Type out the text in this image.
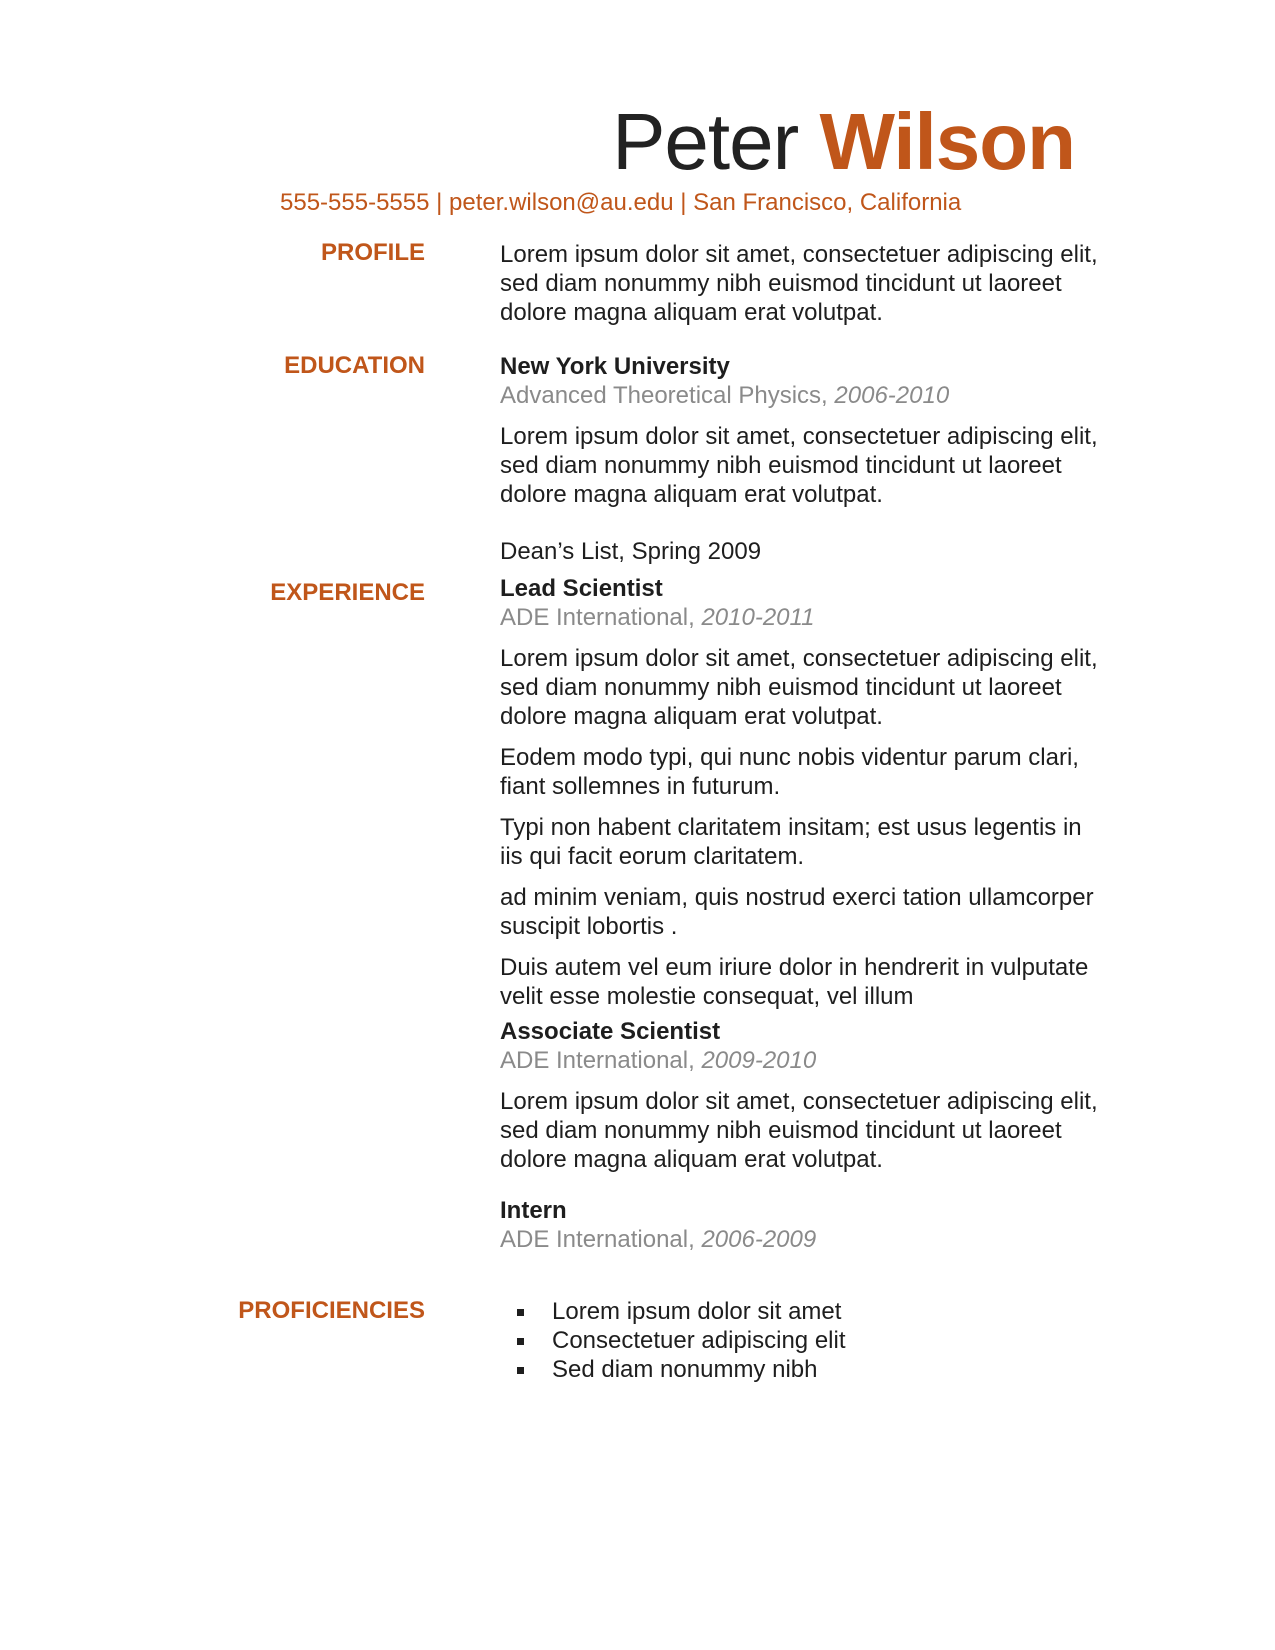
Peter Wilson
555-555-5555 | peter.wilson@au.edu | San Francisco, California
PROFILE	Lorem ipsum dolor sit amet, consectetuer adipiscing elit, sed diam nonummy nibh euismod tincidunt ut laoreet dolore magna aliquam erat volutpat.

EDUCATION	New York University
Advanced Theoretical Physics, 2006-2010

Lorem ipsum dolor sit amet, consectetuer adipiscing elit, sed diam nonummy nibh euismod tincidunt ut laoreet dolore magna aliquam erat volutpat.

Dean’s List, Spring 2009

EXPERIENCE	Lead Scientist
ADE International, 2010-2011

Lorem ipsum dolor sit amet, consectetuer adipiscing elit, sed diam nonummy nibh euismod tincidunt ut laoreet dolore magna aliquam erat volutpat.

Eodem modo typi, qui nunc nobis videntur parum clari, fiant sollemnes in futurum.

Typi non habent claritatem insitam; est usus legentis in iis qui facit eorum claritatem.

ad minim veniam, quis nostrud exerci tation ullamcorper suscipit lobortis .

Duis autem vel eum iriure dolor in hendrerit in vulputate velit esse molestie consequat, vel illum

Associate Scientist
ADE International, 2009-2010

Lorem ipsum dolor sit amet, consectetuer adipiscing elit, sed diam nonummy nibh euismod tincidunt ut laoreet dolore magna aliquam erat volutpat.

Intern
ADE International, 2006-2009
PROFICIENCIES	Lorem ipsum dolor sit amet
Consectetuer adipiscing elit
Sed diam nonummy nibh
